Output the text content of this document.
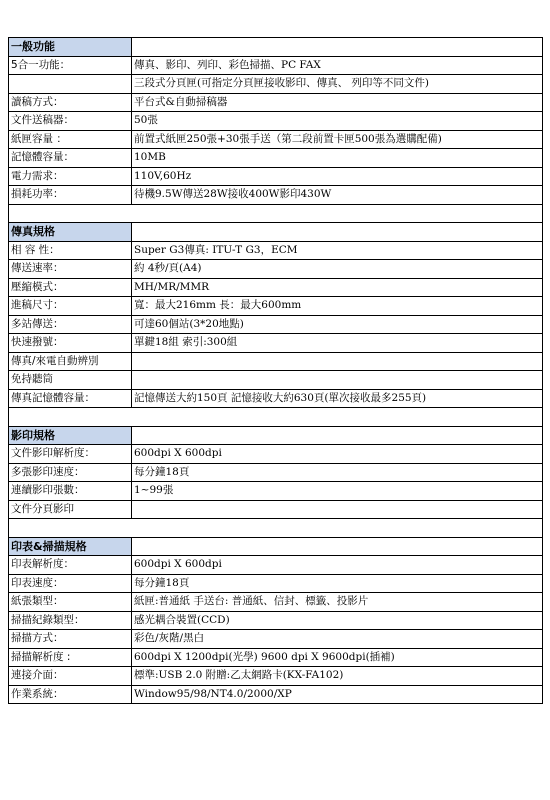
一般功能	
5合一功能：	傳真、影印、列印、彩色掃描、PC FAX
	三段式分頁匣(可指定分頁匣接收影印、傳真、 列印等不同文件)
讀稿方式：	平台式&自動掃稿器
文件送稿器：	50張
紙匣容量 ：	前置式紙匣250張+30張手送（第二段前置卡匣500張為選購配備)
記憶體容量：	10MB
電力需求：	110V,60Hz
損耗功率：	待機9.5W傳送28W接收400W影印430W

傳真規格	
相 容 性：	Super G3傳真: ITU-T G3，ECM
傳送速率：	約 4秒/頁(A4)
壓縮模式：	MH/MR/MMR
進稿尺寸：	寬：最大216mm 長：最大600mm
多站傳送：	可達60個站(3*20地點)
快速撥號：	單鍵18組 索引:300組
傳真/來電自動辨別	
免持聽筒	
傳真記憶體容量：	記憶傳送大約150頁 記憶接收大約630頁(單次接收最多255頁)

影印規格	
文件影印解析度：	600dpi X 600dpi
多張影印速度：	每分鐘18頁
連續影印張數：	1~99張
文件分頁影印	

印表&掃描規格	
印表解析度：	600dpi X 600dpi
印表速度：	每分鐘18頁
紙張類型：	紙匣:普通紙 手送台: 普通紙、信封、標籤、投影片
掃描紀錄類型：	感光耦合裝置(CCD)
掃描方式：	彩色/灰階/黑白
掃描解析度 :	600dpi X 1200dpi(光學) 9600 dpi X 9600dpi(插補)
連接介面：	標準:USB 2.0 附贈:乙太網路卡(KX-FA102)
作業系統：	Window95/98/NT4.0/2000/XP
